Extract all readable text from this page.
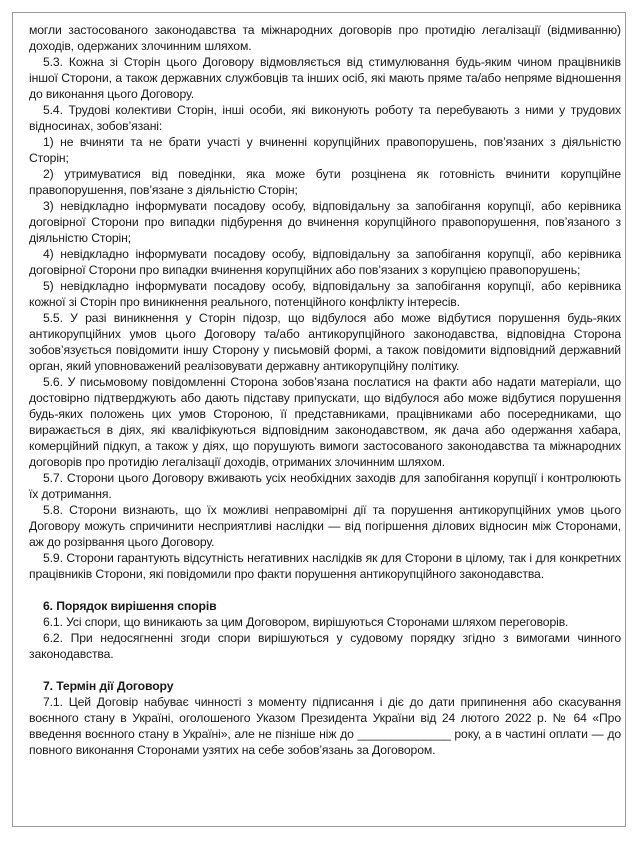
могли застосованого законодавства та міжнародних договорів про протидію легалізації (відмиванню) доходів, одержаних злочинним шляхом.

5.3. Кожна зі Сторін цього Договору відмовляється від стимулювання будь-яким чином працівників іншої Сторони, а також державних службовців та інших осіб, які мають пряме та/або непряме відношення до виконання цього Договору.

5.4. Трудові колективи Сторін, інші особи, які виконують роботу та перебувають з ними у трудових відносинах, зобов’язані:

1) не вчиняти та не брати участі у вчиненні корупційних правопорушень, пов’язаних з діяльністю Сторін;

2) утримуватися від поведінки, яка може бути розцінена як готовність вчинити корупційне правопорушення, пов’язане з діяльністю Сторін;

3) невідкладно інформувати посадову особу, відповідальну за запобігання корупції, або керівника договірної Сторони про випадки підбурення до вчинення корупційного правопорушення, пов’язаного з діяльністю Сторін;

4) невідкладно інформувати посадову особу, відповідальну за запобігання корупції, або керівника договірної Сторони про випадки вчинення корупційних або пов’язаних з корупцією правопорушень;

5) невідкладно інформувати посадову особу, відповідальну за запобігання корупції, або керівника кожної зі Сторін про виникнення реального, потенційного конфлікту інтересів.

5.5. У разі виникнення у Сторін підозр, що відбулося або може відбутися порушення будь-яких антикорупційних умов цього Договору та/або антикорупційного законодавства, відповідна Сторона зобов’язується повідомити іншу Сторону у письмовій формі, а також повідомити відповідний державний орган, який уповноважений реалізовувати державну антикорупційну політику.

5.6. У письмовому повідомленні Сторона зобов’язана послатися на факти або надати матеріали, що достовірно підтверджують або дають підставу припускати, що відбулося або може відбутися порушення будь-яких положень цих умов Стороною, її представниками, працівниками або посередниками, що виражається в діях, які кваліфікуються відповідним законодавством, як дача або одержання хабара, комерційний підкуп, а також у діях, що порушують вимоги застосованого законодавства та міжнародних договорів про протидію легалізації доходів, отриманих злочинним шляхом.

5.7. Сторони цього Договору вживають усіх необхідних заходів для запобігання корупції і контролюють їх дотримання.

5.8. Сторони визнають, що їх можливі неправомірні дії та порушення антикорупційних умов цього Договору можуть спричинити несприятливі наслідки — від погіршення ділових відносин між Сторонами, аж до розірвання цього Договору.

5.9. Сторони гарантують відсутність негативних наслідків як для Сторони в цілому, так і для конкретних працівників Сторони, які повідомили про факти порушення антикорупційного законодавства.

6. Порядок вирішення спорів

6.1. Усі спори, що виникають за цим Договором, вирішуються Сторонами шляхом переговорів.

6.2. При недосягненні згоди спори вирішуються у судовому порядку згідно з вимогами чинного законодавства.

7. Термін дії Договору

7.1. Цей Договір набуває чинності з моменту підписання і діє до дати припинення або скасування воєнного стану в Україні, оголошеного Указом Президента України від 24 лютого 2022 р. № 64 «Про введення воєнного стану в Україні», але не пізніше ніж до ______________ року, а в частині оплати — до повного виконання Сторонами узятих на себе зобов’язань за Договором.
